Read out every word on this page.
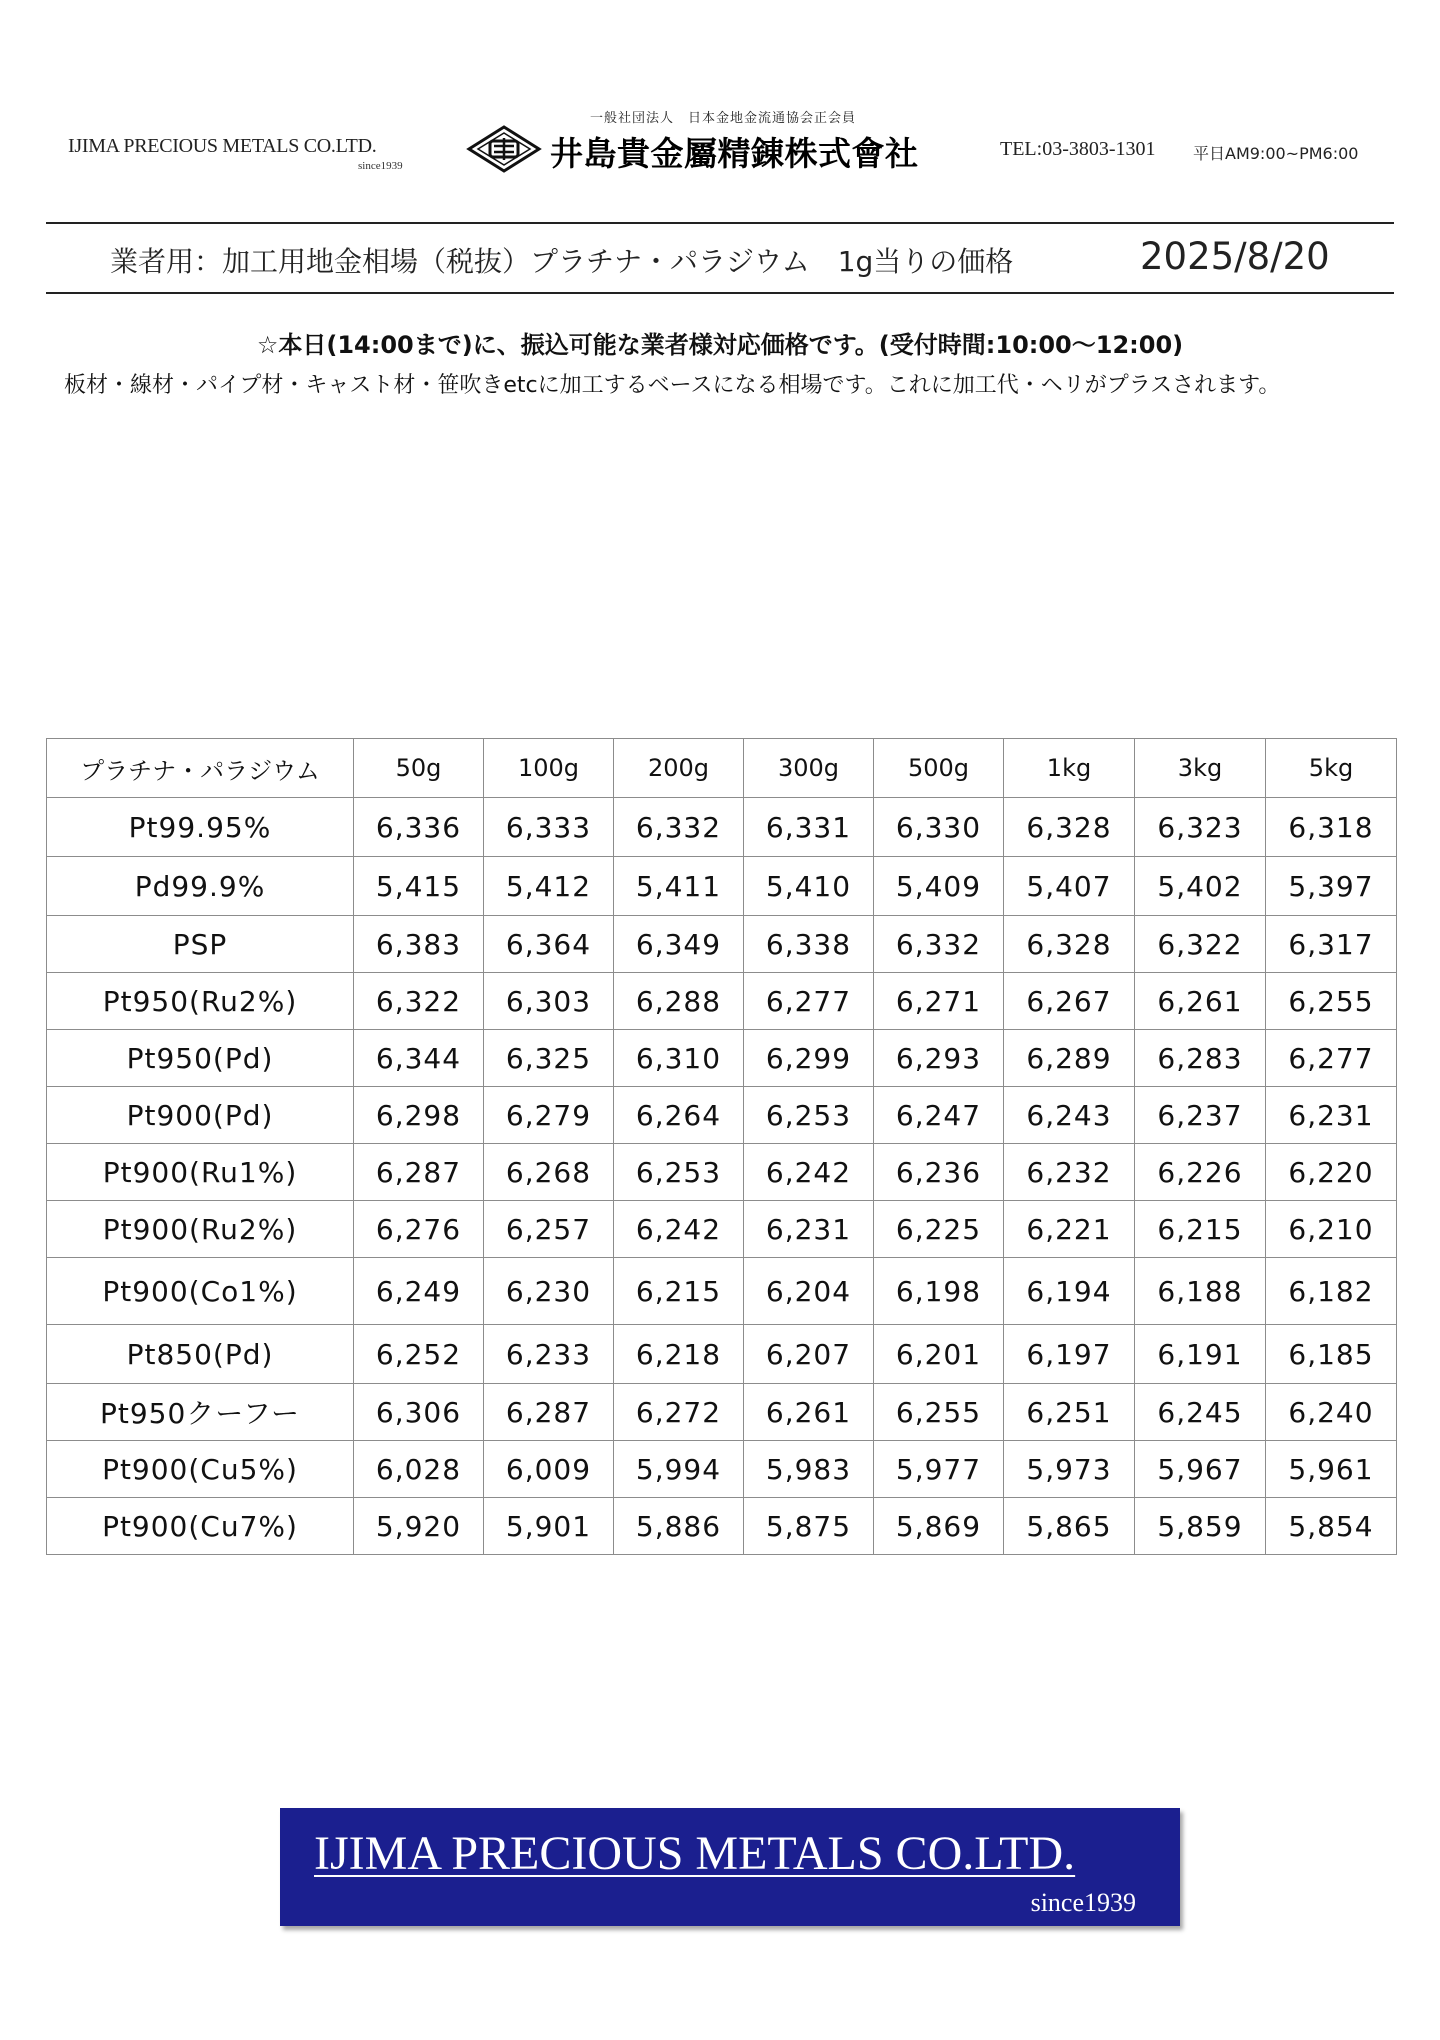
IJIMA PRECIOUS METALS CO.LTD.
since1939
一般社団法人　日本金地金流通協会正会員
井島貴金屬精錬株式會社	TEL:03-3803-1301 平日AM9:00~PM6:00
業者用：加工用地金相場（税抜）プラチナ・パラジウム　1g当りの価格	2025/8/20
☆本日(14:00まで)に、振込可能な業者様対応価格です。(受付時間:10:00～12:00)
板材・線材・パイプ材・キャスト材・笹吹きetcに加工するベースになる相場です。これに加工代・ヘリがプラスされます。
プラチナ・パラジウム	50g	100g	200g	300g	500g	1kg	3kg	5kg
Pt99.95%	6,336	6,333	6,332	6,331	6,330	6,328	6,323	6,318
Pd99.9%	5,415	5,412	5,411	5,410	5,409	5,407	5,402	5,397
PSP	6,383	6,364	6,349	6,338	6,332	6,328	6,322	6,317
Pt950(Ru2%)	6,322	6,303	6,288	6,277	6,271	6,267	6,261	6,255
Pt950(Pd)	6,344	6,325	6,310	6,299	6,293	6,289	6,283	6,277
Pt900(Pd)	6,298	6,279	6,264	6,253	6,247	6,243	6,237	6,231
Pt900(Ru1%)	6,287	6,268	6,253	6,242	6,236	6,232	6,226	6,220
Pt900(Ru2%)	6,276	6,257	6,242	6,231	6,225	6,221	6,215	6,210
Pt900(Co1%)	6,249	6,230	6,215	6,204	6,198	6,194	6,188	6,182
Pt850(Pd)	6,252	6,233	6,218	6,207	6,201	6,197	6,191	6,185
Pt950クーフー	6,306	6,287	6,272	6,261	6,255	6,251	6,245	6,240
Pt900(Cu5%)	6,028	6,009	5,994	5,983	5,977	5,973	5,967	5,961
Pt900(Cu7%)	5,920	5,901	5,886	5,875	5,869	5,865	5,859	5,854
IJIMA PRECIOUS METALS CO.LTD.
since1939
